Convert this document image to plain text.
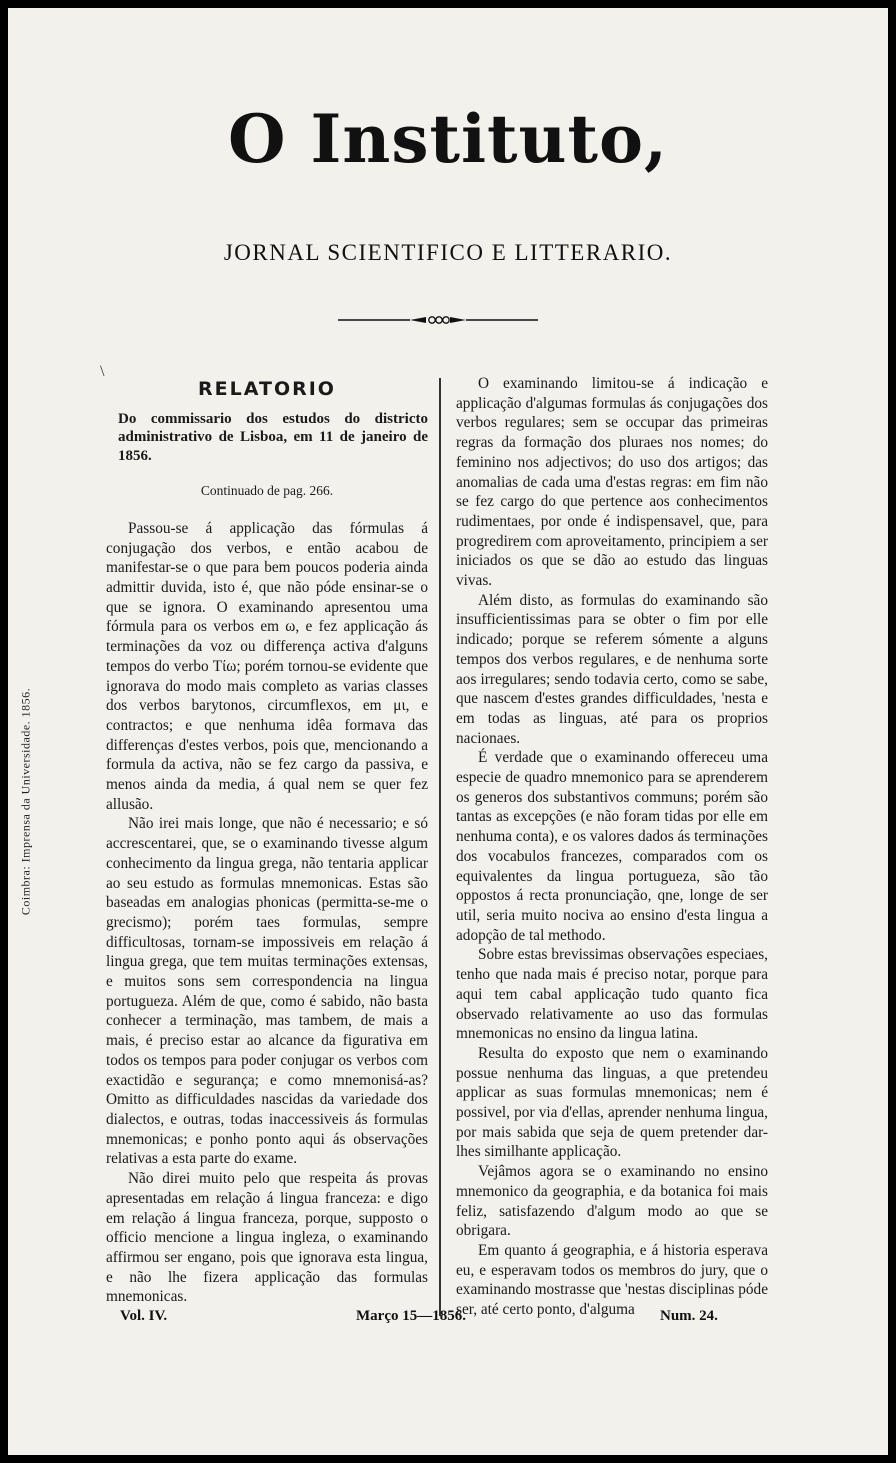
O Instituto,
JORNAL SCIENTIFICO E LITTERARIO.
\
Coimbra: Imprensa da Universidade. 1856.
RELATORIO
Do commissario dos estudos do districto administrativo de Lisboa, em 11 de janeiro de 1856.
Continuado de pag. 266.

Passou-se á applicação das fórmulas á conjugação dos verbos, e então acabou de manifestar-se o que para bem poucos poderia ainda admittir duvida, isto é, que não póde ensinar-se o que se ignora. O examinando apresentou uma fórmula para os verbos em ω, e fez applicação ás terminações da voz ou differença activa d'alguns tempos do verbo Τίω; porém tornou-se evidente que ignorava do modo mais completo as varias classes dos verbos barytonos, circumflexos, em μι, e contractos; e que nenhuma idêa formava das differenças d'estes verbos, pois que, mencionando a formula da activa, não se fez cargo da passiva, e menos ainda da media, á qual nem se quer fez allusão.

Não irei mais longe, que não é necessario; e só accrescentarei, que, se o examinando tivesse algum conhecimento da lingua grega, não tentaria applicar ao seu estudo as formulas mnemonicas. Estas são baseadas em analogias phonicas (permitta-se-me o grecismo); porém taes formulas, sempre difficultosas, tornam-se impossiveis em relação á lingua grega, que tem muitas terminações extensas, e muitos sons sem correspondencia na lingua portugueza. Além de que, como é sabido, não basta conhecer a terminação, mas tambem, de mais a mais, é preciso estar ao alcance da figurativa em todos os tempos para poder conjugar os verbos com exactidão e segurança; e como mnemonisá-as? Omitto as difficuldades nascidas da variedade dos dialectos, e outras, todas inaccessiveis ás formulas mnemonicas; e ponho ponto aqui ás observações relativas a esta parte do exame.

Não direi muito pelo que respeita ás provas apresentadas em relação á lingua franceza: e digo em relação á lingua franceza, porque, supposto o officio mencione a lingua ingleza, o examinando affirmou ser engano, pois que ignorava esta lingua, e não lhe fizera applicação das formulas mnemonicas.

O examinando limitou-se á indicação e applicação d'algumas formulas ás conjugações dos verbos regulares; sem se occupar das primeiras regras da formação dos pluraes nos nomes; do feminino nos adjectivos; do uso dos artigos; das anomalias de cada uma d'estas regras: em fim não se fez cargo do que pertence aos conhecimentos rudimentaes, por onde é indispensavel, que, para progredirem com aproveitamento, principiem a ser iniciados os que se dão ao estudo das linguas vivas.

Além disto, as formulas do examinando são insufficientissimas para se obter o fim por elle indicado; porque se referem sómente a alguns tempos dos verbos regulares, e de nenhuma sorte aos irregulares; sendo todavia certo, como se sabe, que nascem d'estes grandes difficuldades, 'nesta e em todas as linguas, até para os proprios nacionaes.

É verdade que o examinando offereceu uma especie de quadro mnemonico para se aprenderem os generos dos substantivos communs; porém são tantas as excepções (e não foram tidas por elle em nenhuma conta), e os valores dados ás terminações dos vocabulos francezes, comparados com os equivalentes da lingua portugueza, são tão oppostos á recta pronunciação, qne, longe de ser util, seria muito nociva ao ensino d'esta lingua a adopção de tal methodo.

Sobre estas brevissimas observações especiaes, tenho que nada mais é preciso notar, porque para aqui tem cabal applicação tudo quanto fica observado relativamente ao uso das formulas mnemonicas no ensino da lingua latina.

Resulta do exposto que nem o examinando possue nenhuma das linguas, a que pretendeu applicar as suas formulas mnemonicas; nem é possivel, por via d'ellas, aprender nenhuma lingua, por mais sabida que seja de quem pretender dar-lhes similhante applicação.

Vejâmos agora se o examinando no ensino mnemonico da geographia, e da botanica foi mais feliz, satisfazendo d'algum modo ao que se obrigara.

Em quanto á geographia, e á historia esperava eu, e esperavam todos os membros do jury, que o examinando mostrasse que 'nestas disciplinas póde ser, até certo ponto, d'alguma

Vol. IV.	Março 15—1856.	Num. 24.
